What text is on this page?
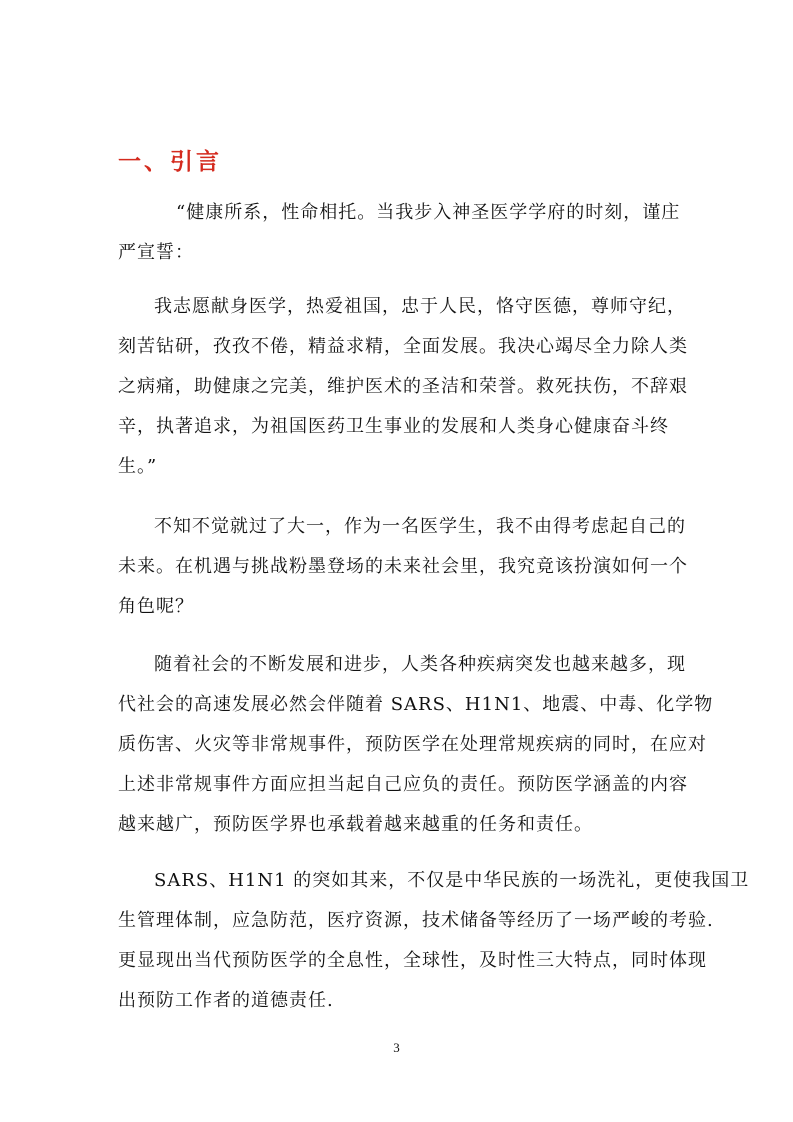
一、引言
“健康所系，性命相托。当我步入神圣医学学府的时刻，谨庄
严宣誓：
我志愿献身医学，热爱祖国，忠于人民，恪守医德，尊师守纪，
刻苦钻研，孜孜不倦，精益求精，全面发展。我决心竭尽全力除人类
之病痛，助健康之完美，维护医术的圣洁和荣誉。救死扶伤，不辞艰
辛，执著追求，为祖国医药卫生事业的发展和人类身心健康奋斗终
生。”
不知不觉就过了大一，作为一名医学生，我不由得考虑起自己的
未来。在机遇与挑战粉墨登场的未来社会里，我究竟该扮演如何一个
角色呢？
随着社会的不断发展和进步，人类各种疾病突发也越来越多，现
代社会的高速发展必然会伴随着 SARS、H1N1、地震、中毒、化学物
质伤害、火灾等非常规事件，预防医学在处理常规疾病的同时，在应对
上述非常规事件方面应担当起自己应负的责任。预防医学涵盖的内容
越来越广，预防医学界也承载着越来越重的任务和责任。
SARS、H1N1 的突如其来，不仅是中华民族的一场洗礼，更使我国卫
生管理体制，应急防范，医疗资源，技术储备等经历了一场严峻的考验.
更显现出当代预防医学的全息性，全球性，及时性三大特点，同时体现
出预防工作者的道德责任.
3
